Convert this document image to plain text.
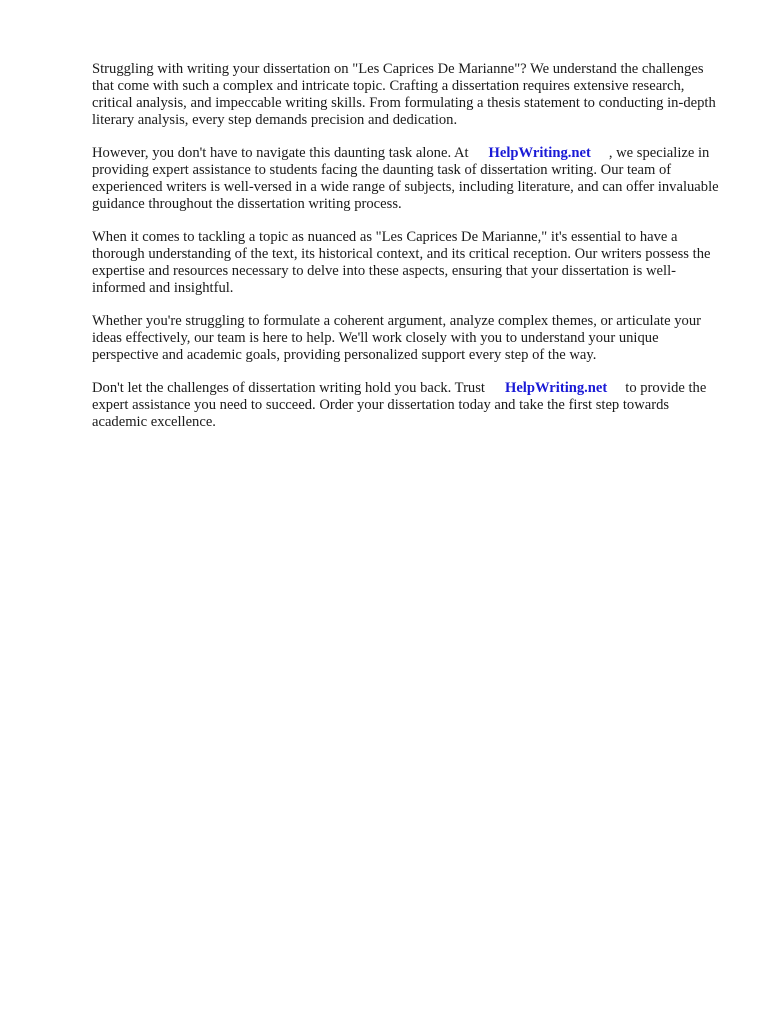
Struggling with writing your dissertation on "Les Caprices De Marianne"? We understand the challenges that come with such a complex and intricate topic. Crafting a dissertation requires extensive research, critical analysis, and impeccable writing skills. From formulating a thesis statement to conducting in-depth literary analysis, every step demands precision and dedication.

However, you don't have to navigate this daunting task alone. At HelpWriting.net , we specialize in providing expert assistance to students facing the daunting task of dissertation writing. Our team of experienced writers is well-versed in a wide range of subjects, including literature, and can offer invaluable guidance throughout the dissertation writing process.

When it comes to tackling a topic as nuanced as "Les Caprices De Marianne," it's essential to have a thorough understanding of the text, its historical context, and its critical reception. Our writers possess the expertise and resources necessary to delve into these aspects, ensuring that your dissertation is well-informed and insightful.

Whether you're struggling to formulate a coherent argument, analyze complex themes, or articulate your ideas effectively, our team is here to help. We'll work closely with you to understand your unique perspective and academic goals, providing personalized support every step of the way.

Don't let the challenges of dissertation writing hold you back. Trust HelpWriting.net to provide the expert assistance you need to succeed. Order your dissertation today and take the first step towards academic excellence.
